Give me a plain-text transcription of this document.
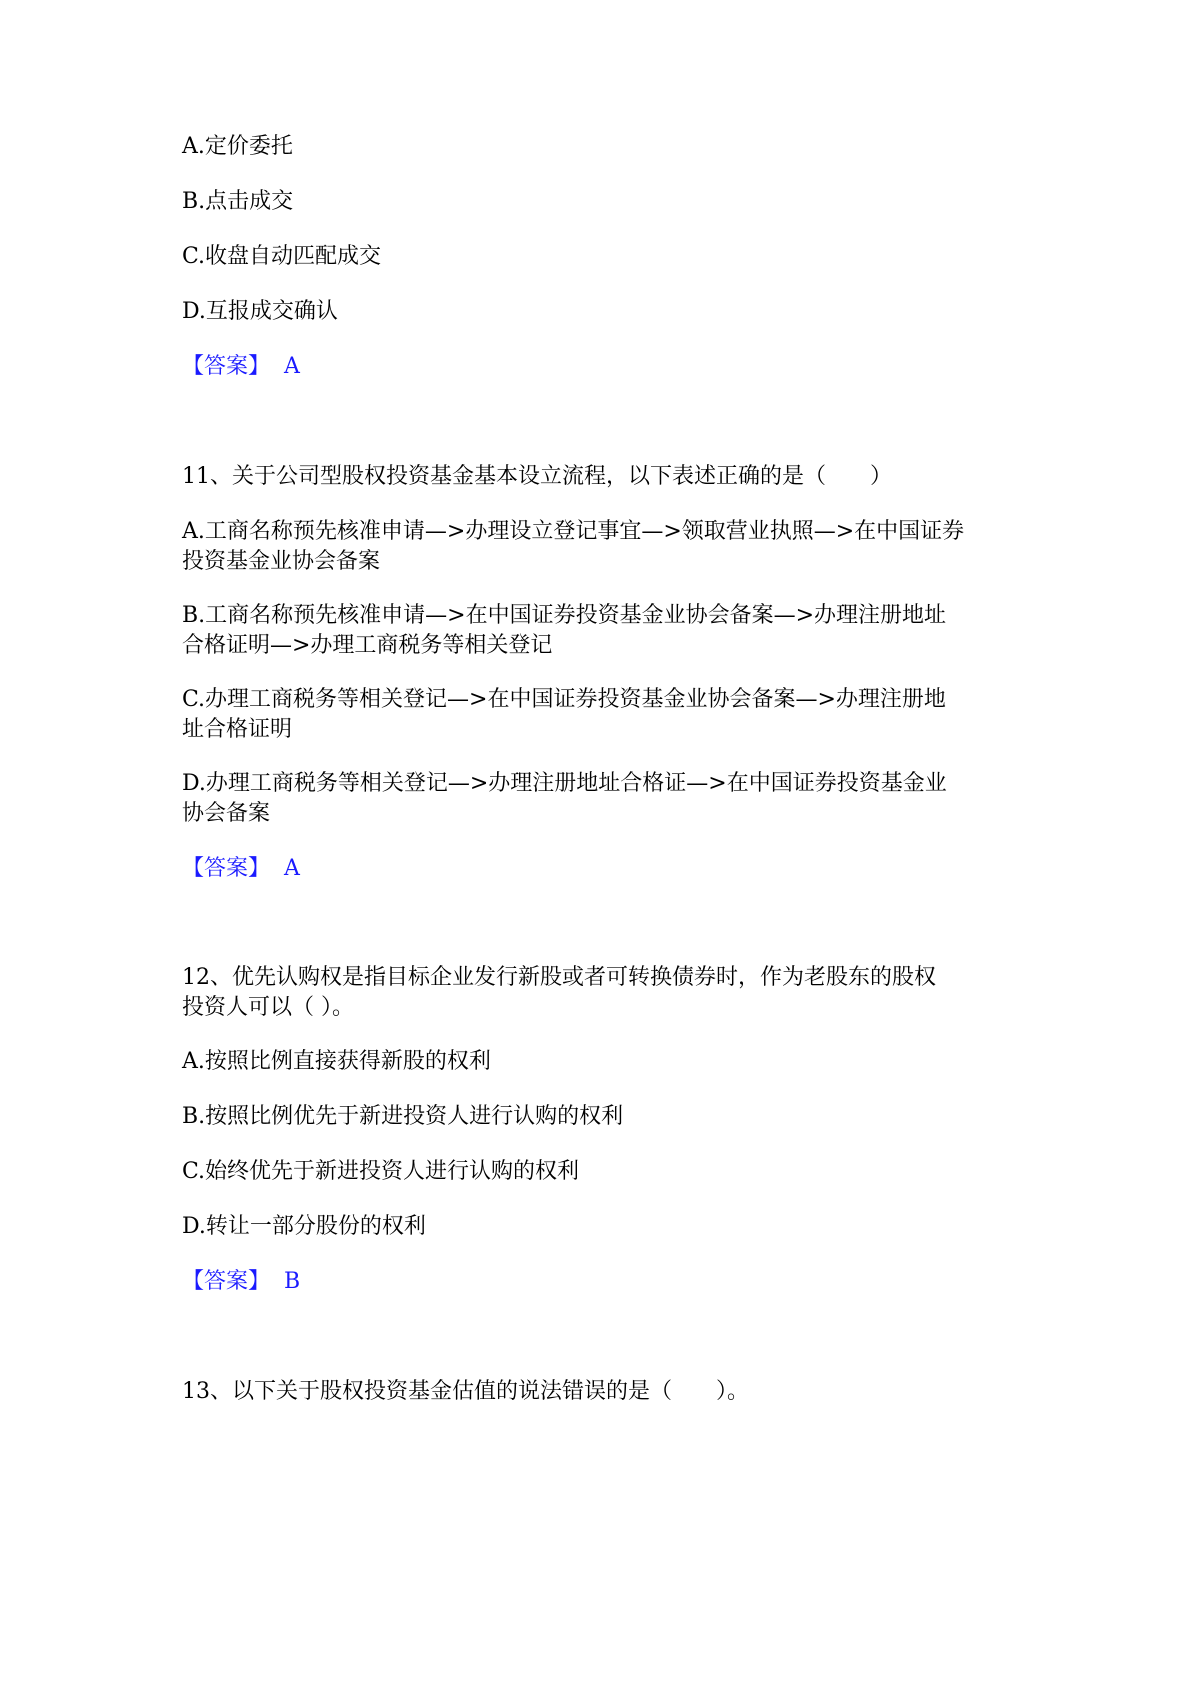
A.定价委托

B.点击成交

C.收盘自动匹配成交

D.互报成交确认

【答案】 A

11、关于公司型股权投资基金基本设立流程，以下表述正确的是（　　）

A.工商名称预先核准申请—>办理设立登记事宜—>领取营业执照—>在中国证券

投资基金业协会备案

B.工商名称预先核准申请—>在中国证券投资基金业协会备案—>办理注册地址

合格证明—>办理工商税务等相关登记

C.办理工商税务等相关登记—>在中国证券投资基金业协会备案—>办理注册地

址合格证明

D.办理工商税务等相关登记—>办理注册地址合格证—>在中国证券投资基金业

协会备案

【答案】 A

12、优先认购权是指目标企业发行新股或者可转换债券时，作为老股东的股权

投资人可以（ ）。

A.按照比例直接获得新股的权利

B.按照比例优先于新进投资人进行认购的权利

C.始终优先于新进投资人进行认购的权利

D.转让一部分股份的权利

【答案】 B

13、以下关于股权投资基金估值的说法错误的是（　　）。
